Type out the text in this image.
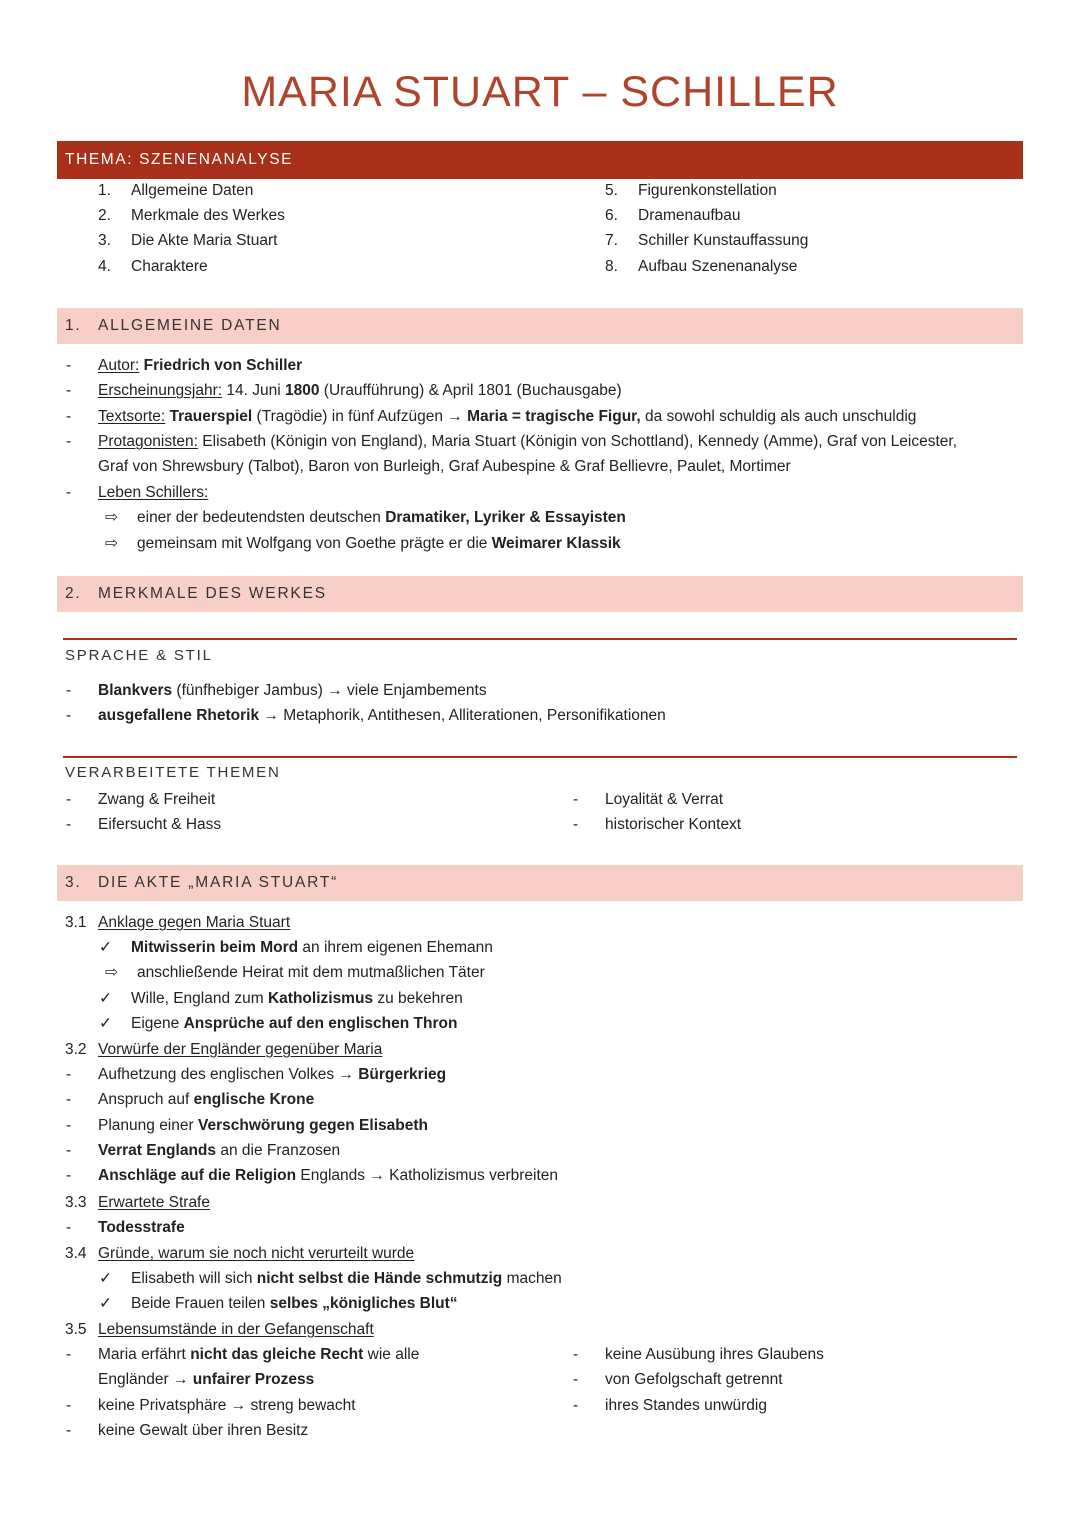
MARIA STUART – SCHILLER
THEMA: SZENENANALYSE
1. Allgemeine Daten
2. Merkmale des Werkes
3. Die Akte Maria Stuart
4. Charaktere
5. Figurenkonstellation
6. Dramenaufbau
7. Schiller Kunstauffassung
8. Aufbau Szenenanalyse
1. ALLGEMEINE DATEN
- Autor: Friedrich von Schiller
- Erscheinungsjahr: 14. Juni 1800 (Uraufführung) & April 1801 (Buchausgabe)
- Textsorte: Trauerspiel (Tragödie) in fünf Aufzügen → Maria = tragische Figur, da sowohl schuldig als auch unschuldig
- Protagonisten: Elisabeth (Königin von England), Maria Stuart (Königin von Schottland), Kennedy (Amme), Graf von Leicester,
Graf von Shrewsbury (Talbot), Baron von Burleigh, Graf Aubespine & Graf Bellievre, Paulet, Mortimer
- Leben Schillers:
⇨ einer der bedeutendsten deutschen Dramatiker, Lyriker & Essayisten
⇨ gemeinsam mit Wolfgang von Goethe prägte er die Weimarer Klassik
2. MERKMALE DES WERKES
SPRACHE & STIL
- Blankvers (fünfhebiger Jambus) → viele Enjambements
- ausgefallene Rhetorik → Metaphorik, Antithesen, Alliterationen, Personifikationen
VERARBEITETE THEMEN
- Zwang & Freiheit
- Eifersucht & Hass
- Loyalität & Verrat
- historischer Kontext
3. DIE AKTE „MARIA STUART“
3.1 Anklage gegen Maria Stuart
✓ Mitwisserin beim Mord an ihrem eigenen Ehemann
⇨ anschließende Heirat mit dem mutmaßlichen Täter
✓ Wille, England zum Katholizismus zu bekehren
✓ Eigene Ansprüche auf den englischen Thron
3.2 Vorwürfe der Engländer gegenüber Maria
- Aufhetzung des englischen Volkes → Bürgerkrieg
- Anspruch auf englische Krone
- Planung einer Verschwörung gegen Elisabeth
- Verrat Englands an die Franzosen
- Anschläge auf die Religion Englands → Katholizismus verbreiten
3.3 Erwartete Strafe
- Todesstrafe
3.4 Gründe, warum sie noch nicht verurteilt wurde
✓ Elisabeth will sich nicht selbst die Hände schmutzig machen
✓ Beide Frauen teilen selbes „königliches Blut“
3.5 Lebensumstände in der Gefangenschaft
- Maria erfährt nicht das gleiche Recht wie alle
Engländer → unfairer Prozess
- keine Privatsphäre → streng bewacht
- keine Gewalt über ihren Besitz
- keine Ausübung ihres Glaubens
- von Gefolgschaft getrennt
- ihres Standes unwürdig
